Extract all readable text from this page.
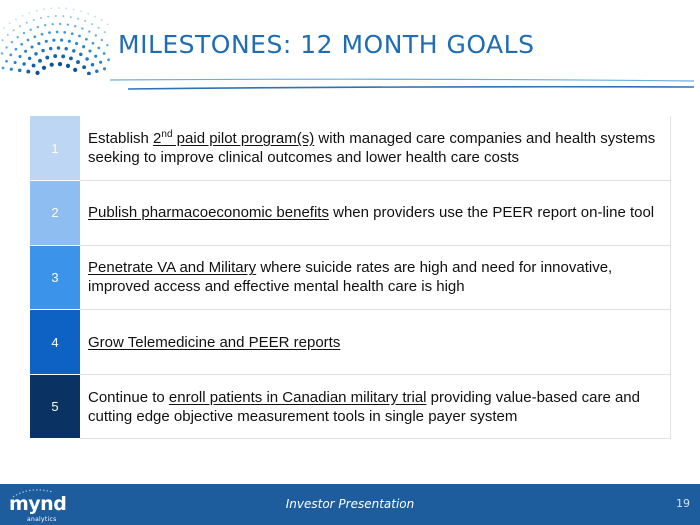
MILESTONES: 12 MONTH GOALS
1	Establish 2nd paid pilot program(s) with managed care companies and health systems seeking to improve clinical outcomes and lower health care costs
2	Publish pharmacoeconomic benefits when providers use the PEER report on-line tool
3	Penetrate VA and Military where suicide rates are high and need for innovative, improved access and effective mental health care is high
4	Grow Telemedicine and PEER reports
5	Continue to enroll patients in Canadian military trial providing value-based care and cutting edge objective measurement tools in single payer system
mynd
analytics
Investor Presentation	19
